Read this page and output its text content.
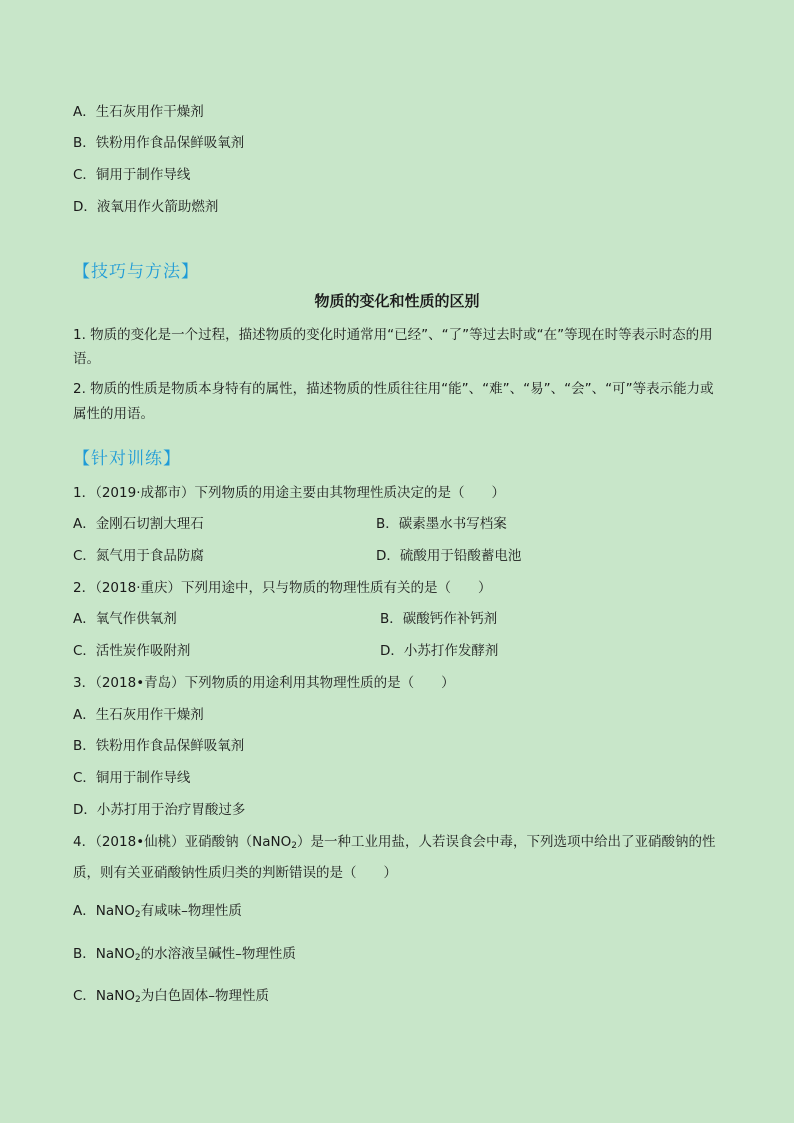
A．生石灰用作干燥剂
B．铁粉用作食品保鲜吸氧剂
C．铜用于制作导线
D．液氧用作火箭助燃剂
【技巧与方法】
物质的变化和性质的区别
1. 物质的变化是一个过程，描述物质的变化时通常用“已经”、“了”等过去时或“在”等现在时等表示时态的用
语。
2. 物质的性质是物质本身特有的属性，描述物质的性质往往用“能”、“难”、“易”、“会”、“可”等表示能力或
属性的用语。
【针对训练】
1．（2019·成都市）下列物质的用途主要由其物理性质决定的是（　　）
A．金刚石切割大理石	B．碳素墨水书写档案
C．氮气用于食品防腐	D．硫酸用于铅酸蓄电池
2．（2018·重庆）下列用途中，只与物质的物理性质有关的是（　　）
A．氧气作供氧剂	B．碳酸钙作补钙剂
C．活性炭作吸附剂	D．小苏打作发酵剂
3．（2018•青岛）下列物质的用途利用其物理性质的是（　　）
A．生石灰用作干燥剂
B．铁粉用作食品保鲜吸氧剂
C．铜用于制作导线
D．小苏打用于治疗胃酸过多
4．（2018•仙桃）亚硝酸钠（NaNO$_2$）是一种工业用盐，人若误食会中毒，下列选项中给出了亚硝酸钠的性
质，则有关亚硝酸钠性质归类的判断错误的是（　　）
A．NaNO$_2$有咸味–物理性质
B．NaNO$_2$的水溶液呈碱性–物理性质
C．NaNO$_2$为白色固体–物理性质
